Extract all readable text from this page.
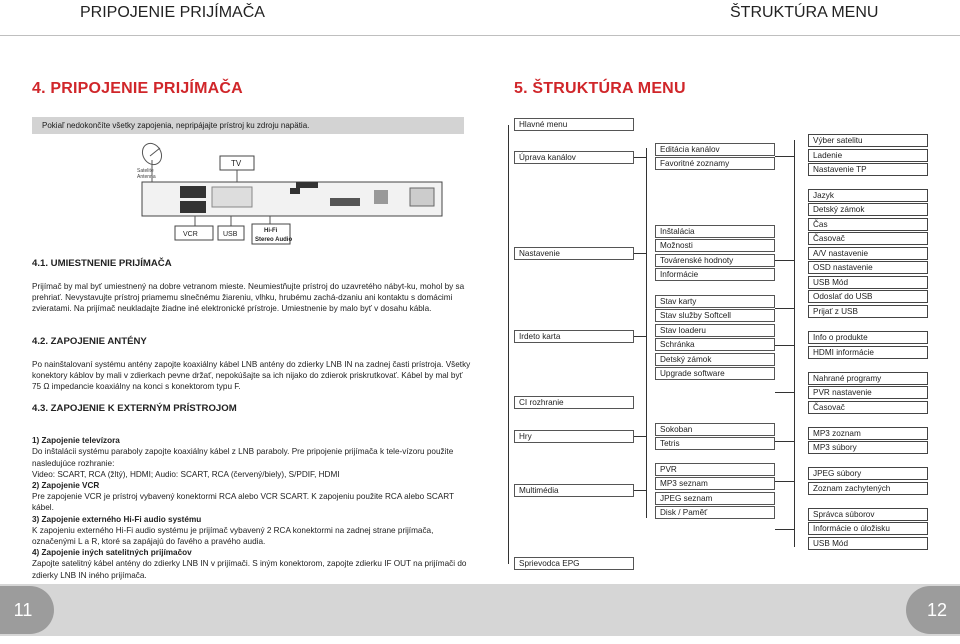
PRIPOJENIE PRIJÍMAČA	ŠTRUKTÚRA MENU
4. PRIPOJENIE PRIJÍMAČA
Pokiaľ nedokončíte všetky zapojenia, nepripájajte prístroj ku zdroju napätia.
Satelite
Antenna
TV
VCR	USB	Hi-Fi
Stereo Audio
4.1. UMIESTNENIE PRIJÍMAČA
Prijímač by mal byť umiestnený na dobre vetranom mieste. Neumiestňujte prístroj do uzavretého nábyt-ku, mohol by sa prehriať. Nevystavujte prístroj priamemu slnečnému žiareniu, vlhku, hrubému zachá-dzaniu ani kontaktu s domácimi zvieratami. Na prijímač neukladajte žiadne iné elektronické prístroje. Umiestnenie by malo byť v dosahu kábla.
4.2. ZAPOJENIE ANTÉNY
Po nainštalovaní systému antény zapojte koaxiálny kábel LNB antény do zdierky LNB IN na zadnej časti prístroja. Všetky konektory káblov by mali v zdierkach pevne držať, nepokúšajte sa ich nijako do zdierok priskrutkovať. Kábel by mal byť 75 Ω impedancie koaxiálny na konci s konektorom typu F.
4.3. ZAPOJENIE K EXTERNÝM PRÍSTROJOM

1) Zapojenie televízora
Do inštalácii systému paraboly zapojte koaxiálny kábel z LNB paraboly. Pre pripojenie prijímača k tele-vízoru použite nasledujúce rozhranie:
Video: SCART, RCA (žltý), HDMI; Audio: SCART, RCA (červený/biely), S/PDIF, HDMI
2) Zapojenie VCR
Pre zapojenie VCR je prístroj vybavený konektormi RCA alebo VCR SCART. K zapojeniu použite RCA alebo SCART kábel.
3) Zapojenie externého Hi-Fi audio systému
K zapojeniu externého Hi-Fi audio systému je prijímač vybavený 2 RCA konektormi na zadnej strane prijímača, označenými L a R, ktoré sa zapájajú do ľavého a pravého audia.
4) Zapojenie iných satelitných prijímačov
Zapojte satelitný kábel antény do zdierky LNB IN v prijímači. S iným konektorom, zapojte zdierku IF OUT na prijímači do zdierky LNB IN iného prijímača.

5. ŠTRUKTÚRA MENU
Hlavné menu
Úprava kanálov
Nastavenie
Irdeto karta
CI rozhranie
Hry
Multimédia
Sprievodca EPG
Editácia kanálov
Favoritné zoznamy
Inštalácia
Možnosti
Továrenské hodnoty
Informácie
Stav karty
Stav služby Softcell
Stav loaderu
Schránka
Detský zámok
Upgrade software
Sokoban
Tetris
PVR
MP3 seznam
JPEG seznam
Disk / Paměť
Výber satelitu
Ladenie
Nastavenie TP
Jazyk
Detský zámok
Čas
Časovač
A/V nastavenie
OSD nastavenie
USB Mód
Odoslať do USB
Prijať z USB
Info o produkte
HDMI informácie
Nahrané programy
PVR nastavenie
Časovač
MP3 zoznam
MP3 súbory
JPEG súbory
Zoznam zachytených
Správca súborov
Informácie o úložisku
USB Mód
11	12
